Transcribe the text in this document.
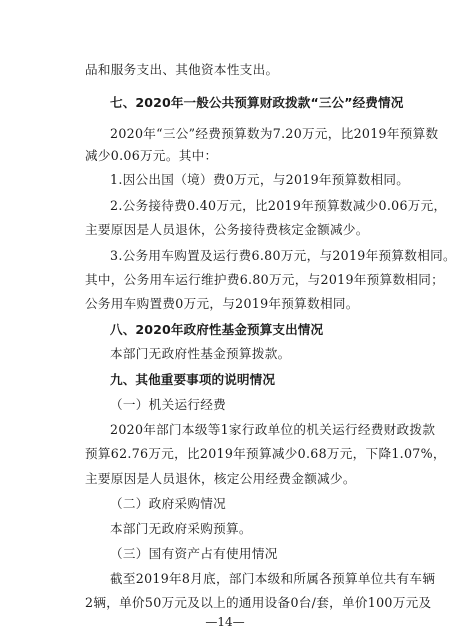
品和服务支出、其他资本性支出。
七、2020年一般公共预算财政拨款“三公”经费情况
2020年“三公”经费预算数为7.20万元，比2019年预算数
减少0.06万元。其中：
1.因公出国（境）费0万元，与2019年预算数相同。
2.公务接待费0.40万元，比2019年预算数减少0.06万元，
主要原因是人员退休，公务接待费核定金额减少。
3.公务用车购置及运行费6.80万元，与2019年预算数相同。
其中，公务用车运行维护费6.80万元，与2019年预算数相同；
公务用车购置费0万元，与2019年预算数相同。
八、2020年政府性基金预算支出情况
本部门无政府性基金预算拨款。
九、其他重要事项的说明情况
（一）机关运行经费
2020年部门本级等1家行政单位的机关运行经费财政拨款
预算62.76万元，比2019年预算减少0.68万元，下降1.07%，
主要原因是人员退休，核定公用经费金额减少。
（二）政府采购情况
本部门无政府采购预算。
（三）国有资产占有使用情况
截至2019年8月底，部门本级和所属各预算单位共有车辆
2辆，单价50万元及以上的通用设备0台/套，单价100万元及
—14—
